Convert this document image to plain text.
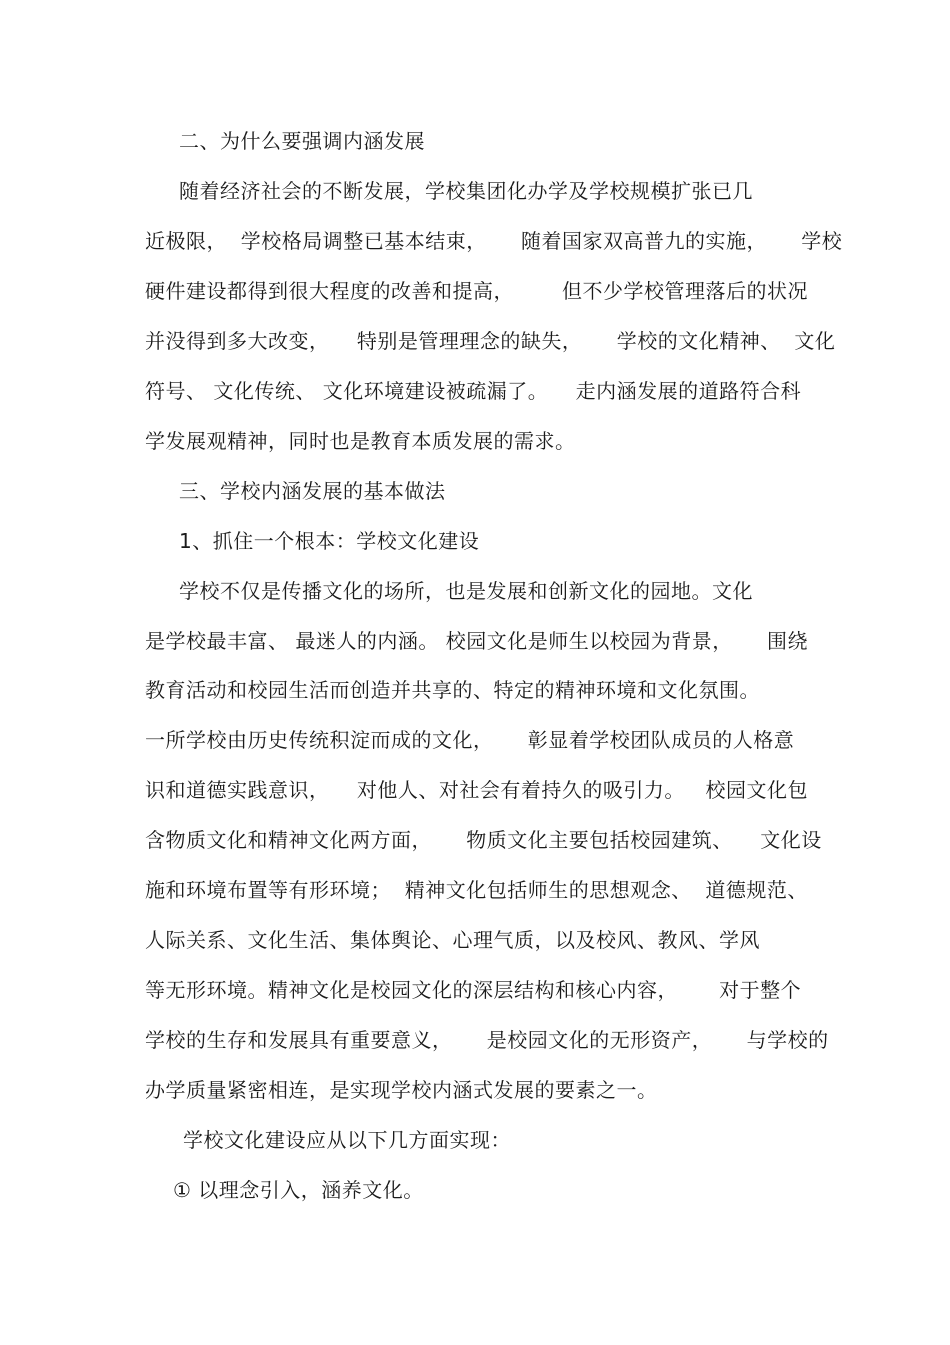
二、为什么要强调内涵发展
随着经济社会的不断发展，学校集团化办学及学校规模扩张已几
近极限，  学校格局调整已基本结束，     随着国家双高普九的实施，     学校
硬件建设都得到很大程度的改善和提高，       但不少学校管理落后的状况
并没得到多大改变，    特别是管理理念的缺失，     学校的文化精神、  文化
符号、 文化传统、 文化环境建设被疏漏了。    走内涵发展的道路符合科
学发展观精神，同时也是教育本质发展的需求。
三、学校内涵发展的基本做法
1、抓住一个根本：学校文化建设
学校不仅是传播文化的场所，也是发展和创新文化的园地。文化
是学校最丰富、 最迷人的内涵。 校园文化是师生以校园为背景，     围绕
教育活动和校园生活而创造并共享的、特定的精神环境和文化氛围。
一所学校由历史传统积淀而成的文化，     彰显着学校团队成员的人格意
识和道德实践意识，    对他人、对社会有着持久的吸引力。   校园文化包
含物质文化和精神文化两方面，     物质文化主要包括校园建筑、    文化设
施和环境布置等有形环境；  精神文化包括师生的思想观念、  道德规范、
人际关系、文化生活、集体舆论、心理气质，以及校风、教风、学风
等无形环境。精神文化是校园文化的深层结构和核心内容，      对于整个
学校的生存和发展具有重要意义，     是校园文化的无形资产，     与学校的
办学质量紧密相连，是实现学校内涵式发展的要素之一。
学校文化建设应从以下几方面实现：
① 以理念引入，涵养文化。
